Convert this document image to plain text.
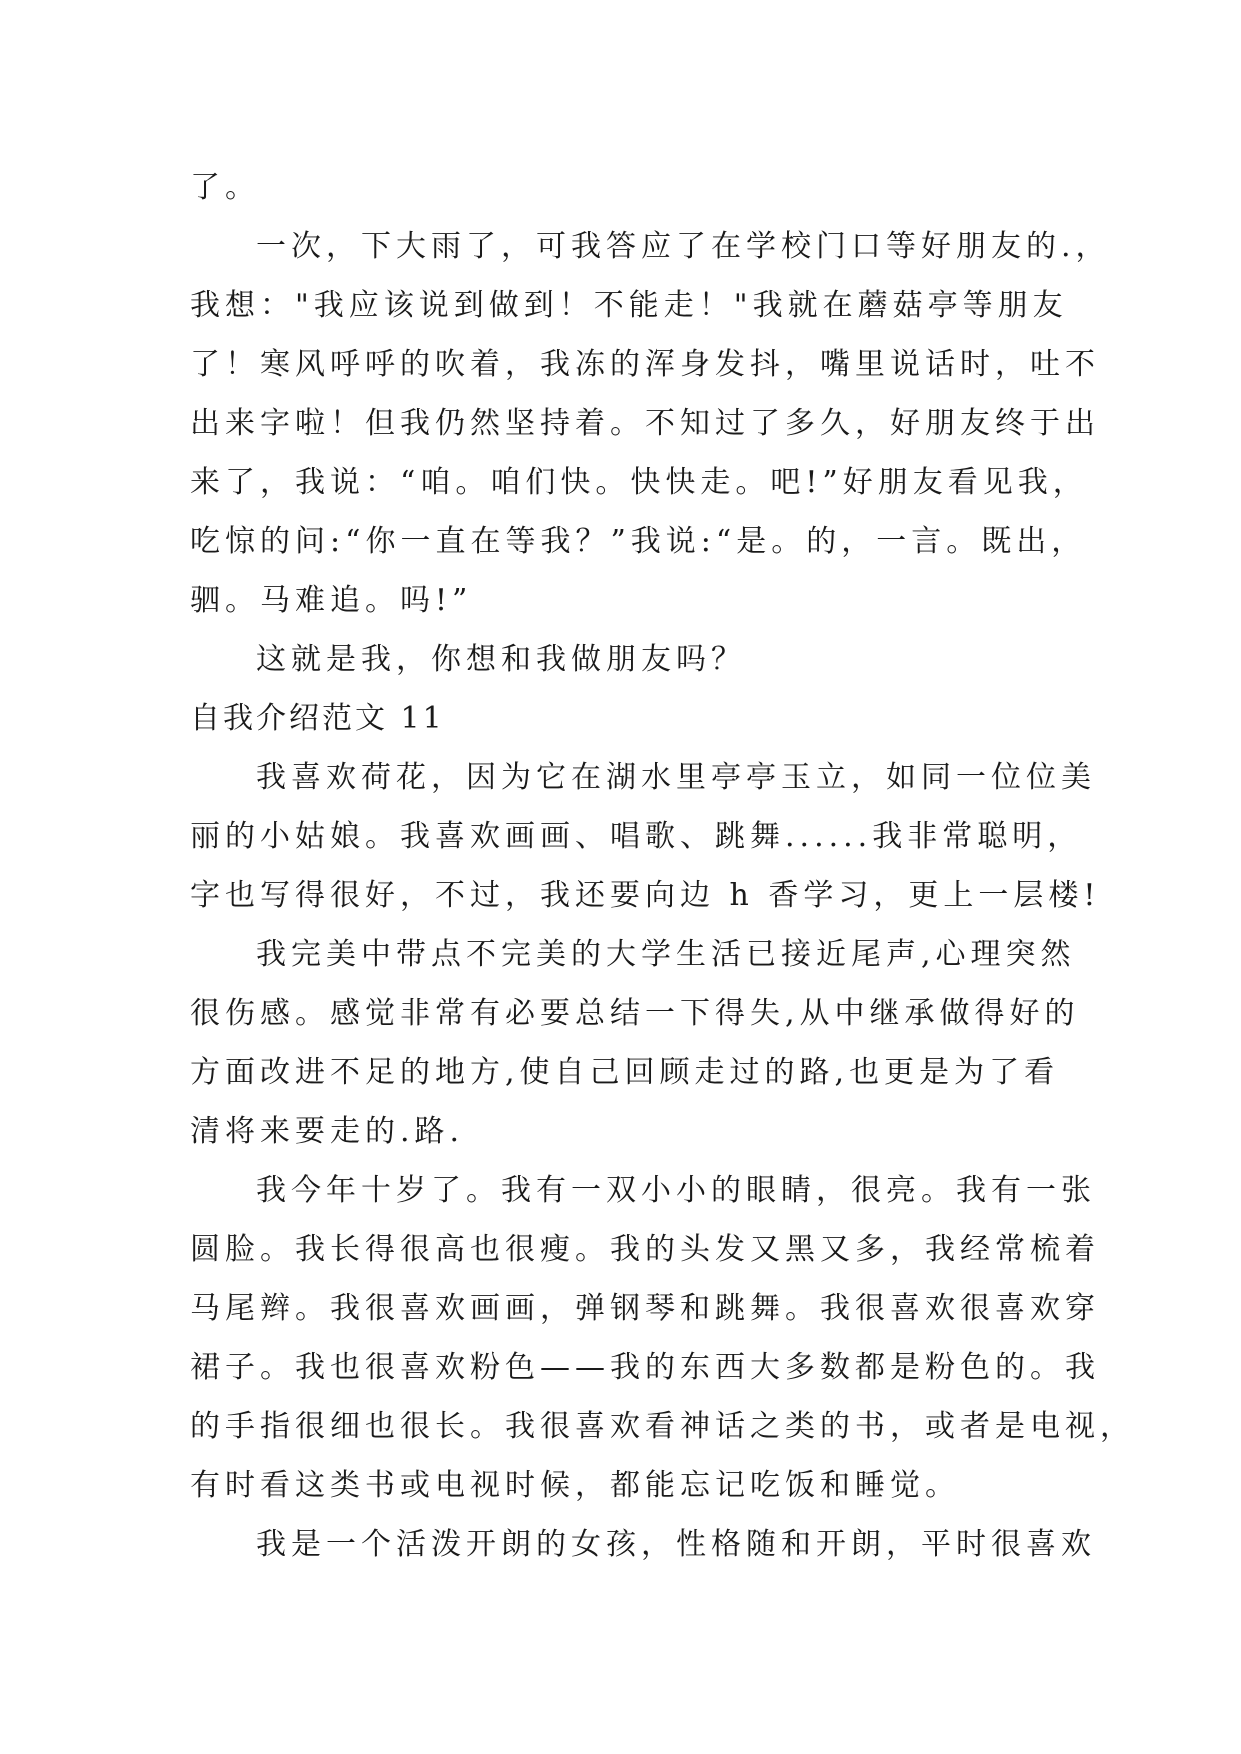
了。
一次，下大雨了，可我答应了在学校门口等好朋友的.，
我想："我应该说到做到！不能走！"我就在蘑菇亭等朋友
了！寒风呼呼的吹着，我冻的浑身发抖，嘴里说话时，吐不
出来字啦！但我仍然坚持着。不知过了多久，好朋友终于出
来了，我说：“咱。咱们快。快快走。吧!”好朋友看见我，
吃惊的问:“你一直在等我？”我说:“是。的，一言。既出，
驷。马难追。吗!”
这就是我，你想和我做朋友吗？
自我介绍范文 11
我喜欢荷花，因为它在湖水里亭亭玉立，如同一位位美
丽的小姑娘。我喜欢画画、唱歌、跳舞......我非常聪明，
字也写得很好，不过，我还要向边 h 香学习，更上一层楼!
我完美中带点不完美的大学生活已接近尾声,心理突然
很伤感。感觉非常有必要总结一下得失,从中继承做得好的
方面改进不足的地方,使自己回顾走过的路,也更是为了看
清将来要走的.路.
我今年十岁了。我有一双小小的眼睛，很亮。我有一张
圆脸。我长得很高也很瘦。我的头发又黑又多，我经常梳着
马尾辫。我很喜欢画画，弹钢琴和跳舞。我很喜欢很喜欢穿
裙子。我也很喜欢粉色——我的东西大多数都是粉色的。我
的手指很细也很长。我很喜欢看神话之类的书，或者是电视，
有时看这类书或电视时候，都能忘记吃饭和睡觉。
我是一个活泼开朗的女孩，性格随和开朗，平时很喜欢
